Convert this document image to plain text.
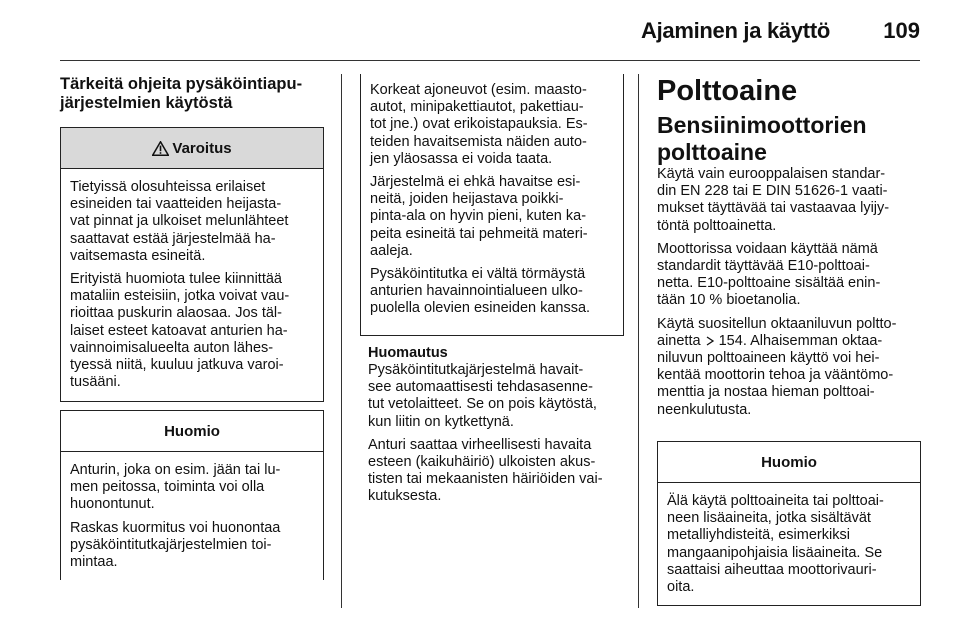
Ajaminen ja käyttö 109
Tärkeitä ohjeita pysäköintiapu-
järjestelmien käytöstä
Varoitus

Tietyissä olosuhteissa erilaiset
esineiden tai vaatteiden heijasta-
vat pinnat ja ulkoiset melunlähteet
saattavat estää järjestelmää ha-
vaitsemasta esineitä.

Erityistä huomiota tulee kiinnittää
mataliin esteisiin, jotka voivat vau-
rioittaa puskurin alaosaa. Jos täl-
laiset esteet katoavat anturien ha-
vainnoimisalueelta auton lähes-
tyessä niitä, kuuluu jatkuva varoi-
tusääni.

Huomio

Anturin, joka on esim. jään tai lu-
men peitossa, toiminta voi olla
huonontunut.

Raskas kuormitus voi huonontaa
pysäköintitutkajärjestelmien toi-
mintaa.

Korkeat ajoneuvot (esim. maasto-
autot, minipakettiautot, pakettiau-
tot jne.) ovat erikoistapauksia. Es-
teiden havaitsemista näiden auto-
jen yläosassa ei voida taata.

Järjestelmä ei ehkä havaitse esi-
neitä, joiden heijastava poikki-
pinta-ala on hyvin pieni, kuten ka-
peita esineitä tai pehmeitä materi-
aaleja.

Pysäköintitutka ei vältä törmäystä
anturien havainnointialueen ulko-
puolella olevien esineiden kanssa.

Huomautus

Pysäköintitutkajärjestelmä havait-
see automaattisesti tehdasasenne-
tut vetolaitteet. Se on pois käytöstä,
kun liitin on kytkettynä.

Anturi saattaa virheellisesti havaita
esteen (kaikuhäiriö) ulkoisten akus-
tisten tai mekaanisten häiriöiden vai-
kutuksesta.

Polttoaine
Bensiinimoottorien
polttoaine

Käytä vain eurooppalaisen standar-
din EN 228 tai E DIN 51626-1 vaati-
mukset täyttävää tai vastaavaa lyijy-
töntä polttoainetta.

Moottorissa voidaan käyttää nämä
standardit täyttävää E10-polttoai-
netta. E10-polttoaine sisältää enin-
tään 10 % bioetanolia.

Käytä suositellun oktaaniluvun poltto-
ainetta 154. Alhaisemman oktaa-
niluvun polttoaineen käyttö voi hei-
kentää moottorin tehoa ja vääntömo-
menttia ja nostaa hieman polttoai-
neenkulutusta.

Huomio

Älä käytä polttoaineita tai polttoai-
neen lisäaineita, jotka sisältävät
metalliyhdisteitä, esimerkiksi
mangaanipohjaisia lisäaineita. Se
saattaisi aiheuttaa moottorivauri-
oita.
